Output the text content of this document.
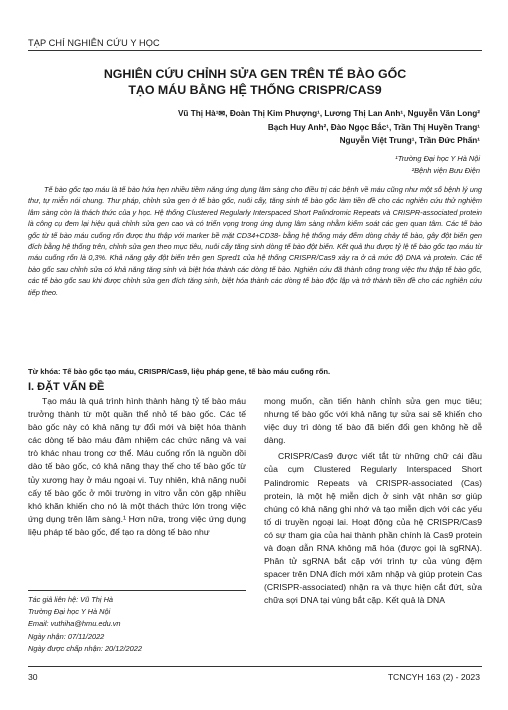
TẠP CHÍ NGHIÊN CỨU Y HỌC
NGHIÊN CỨU CHỈNH SỬA GEN TRÊN TẾ BÀO GỐC
TẠO MÁU BẰNG HỆ THỐNG CRISPR/CAS9
Vũ Thị Hà¹✉, Đoàn Thị Kim Phượng¹, Lương Thị Lan Anh¹, Nguyễn Văn Long²
Bạch Huy Anh², Đào Ngọc Bắc¹, Trần Thị Huyền Trang¹
Nguyễn Việt Trung¹, Trần Đức Phấn¹
¹Trường Đại học Y Hà Nội
²Bệnh viện Bưu Điện

Tế bào gốc tạo máu là tế bào hứa hẹn nhiều tiềm năng ứng dụng lâm sàng cho điều trị các bệnh về máu cũng như một số bệnh lý ung thư, tự miễn nói chung. Thư pháp, chỉnh sửa gen ở tế bào gốc, nuôi cấy, tăng sinh tế bào gốc làm tiền đề cho các nghiên cứu thử nghiệm lâm sàng còn là thách thức của y học. Hệ thống Clustered Regularly Interspaced Short Palindromic Repeats và CRISPR-associated protein là công cụ đem lại hiệu quả chỉnh sửa gen cao và có triển vọng trong ứng dụng lâm sàng nhằm kiểm soát các gen quan tâm. Các tế bào gốc từ tế bào máu cuống rốn được thu thập với marker bề mặt CD34+CD38- bằng hệ thống máy đếm dòng chảy tế bào, gây đột biến gen đích bằng hệ thống trên, chỉnh sửa gen theo mục tiêu, nuôi cấy tăng sinh dòng tế bào đột biến. Kết quả thu được tỷ lệ tế bào gốc tạo máu từ máu cuống rốn là 0,3%. Khả năng gây đột biến trên gen Spred1 của hệ thống CRISPR/Cas9 xảy ra ở cả mức độ DNA và protein. Các tế bào gốc sau chỉnh sửa có khả năng tăng sinh và biệt hóa thành các dòng tế bào. Nghiên cứu đã thành công trong việc thu thập tế bào gốc, các tế bào gốc sau khi được chỉnh sửa gen đích tăng sinh, biệt hóa thành các dòng tế bào độc lập và trở thành tiền đề cho các nghiên cứu tiếp theo.

Từ khóa: Tế bào gốc tạo máu, CRISPR/Cas9, liệu pháp gene, tế bào máu cuống rốn.
I. ĐẶT VẤN ĐỀ

Tạo máu là quá trình hình thành hàng tỷ tế bào máu trưởng thành từ một quần thể nhỏ tế bào gốc. Các tế bào gốc này có khả năng tự đổi mới và biệt hóa thành các dòng tế bào máu đảm nhiệm các chức năng và vai trò khác nhau trong cơ thể. Máu cuống rốn là nguồn dồi dào tế bào gốc, có khả năng thay thế cho tế bào gốc từ tủy xương hay ở máu ngoại vi. Tuy nhiên, khả năng nuôi cấy tế bào gốc ở môi trường in vitro vẫn còn gặp nhiều khó khăn khiến cho nó là một thách thức lớn trong việc ứng dụng trên lâm sàng.¹ Hơn nữa, trong việc ứng dụng liệu pháp tế bào gốc, để tạo ra dòng tế bào như

mong muốn, cần tiến hành chỉnh sửa gen mục tiêu; nhưng tế bào gốc với khả năng tự sửa sai sẽ khiến cho việc duy trì dòng tế bào đã biến đổi gen không hề dễ dàng.

CRISPR/Cas9 được viết tắt từ những chữ cái đầu của cụm Clustered Regularly Interspaced Short Palindromic Repeats và CRISPR-associated (Cas) protein, là một hệ miễn dịch ở sinh vật nhân sơ giúp chúng có khả năng ghi nhớ và tạo miễn dịch với các yếu tố di truyền ngoại lai. Hoạt động của hệ CRISPR/Cas9 có sự tham gia của hai thành phần chính là Cas9 protein và đoạn dẫn RNA không mã hóa (được gọi là sgRNA). Phân tử sgRNA bắt cặp với trình tự của vùng đệm spacer trên DNA đích mới xâm nhập và giúp protein Cas (CRISPR-associated) nhận ra và thực hiện cắt đứt, sửa chữa sợi DNA tại vùng bắt cặp. Kết quả là DNA

Tác giả liên hệ: Vũ Thị Hà
Trường Đại học Y Hà Nội
Email: vuthiha@hmu.edu.vn
Ngày nhận: 07/11/2022
Ngày được chấp nhận: 20/12/2022
30	TCNCYH 163 (2) - 2023
